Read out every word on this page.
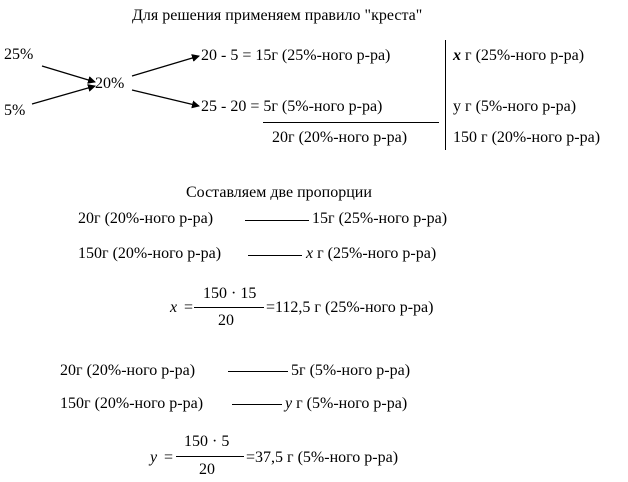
Для решения применяем правило "креста"
25%
5%
20%
20 - 5 = 15г (25%-ного р-ра)
25 - 20 = 5г (5%-ного р-ра)
20г (20%-ного р-ра)
x г (25%-ного р-ра)
у г (5%-ного р-ра)
150 г (20%-ного р-ра)
Составляем две пропорции
20г (20%-ного р-ра)	15г (25%-ного р-ра)
150г (20%-ного р-ра)	x г (25%-ного р-ра)
x =
150 · 15
20
=112,5 г (25%-ного р-ра)
20г (20%-ного р-ра)	5г (5%-ного р-ра)
150г (20%-ного р-ра)	у г (5%-ного р-ра)
у =
150 · 5
20
=37,5 г (5%-ного р-ра)
